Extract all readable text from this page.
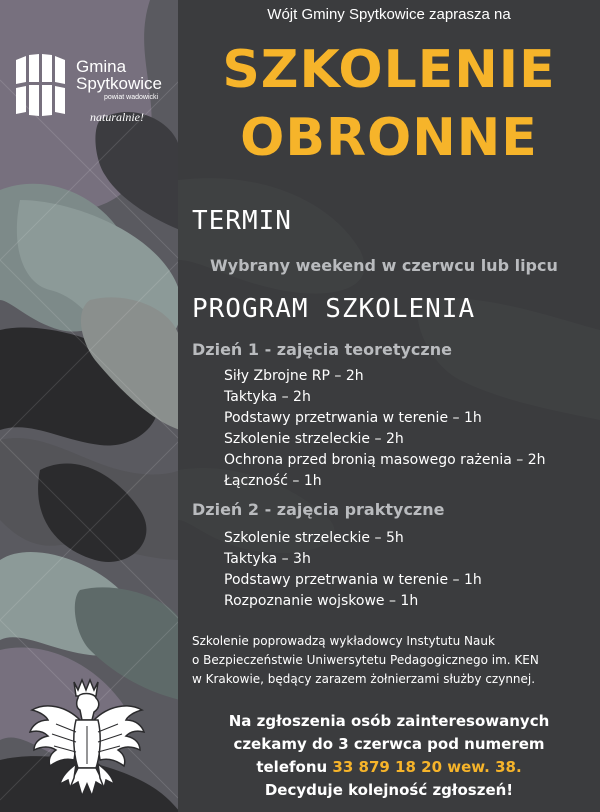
Gmina
Spytkowice
powiat wadowicki
naturalnie!
Wójt Gminy Spytkowice zaprasza na
SZKOLENIE
OBRONNE
TERMIN
Wybrany weekend w czerwcu lub lipcu
PROGRAM SZKOLENIA
Dzień 1 - zajęcia teoretyczne
Siły Zbrojne RP – 2h
Taktyka – 2h
Podstawy przetrwania w terenie – 1h
Szkolenie strzeleckie – 2h
Ochrona przed bronią masowego rażenia – 2h
Łączność – 1h
Dzień 2 - zajęcia praktyczne
Szkolenie strzeleckie – 5h
Taktyka – 3h
Podstawy przetrwania w terenie – 1h
Rozpoznanie wojskowe – 1h
Szkolenie poprowadzą wykładowcy Instytutu Nauk
o Bezpieczeństwie Uniwersytetu Pedagogicznego im. KEN
w Krakowie, będący zarazem żołnierzami służby czynnej.
Na zgłoszenia osób zainteresowanych
czekamy do 3 czerwca pod numerem
telefonu 33 879 18 20 wew. 38.
Decyduje kolejność zgłoszeń!
